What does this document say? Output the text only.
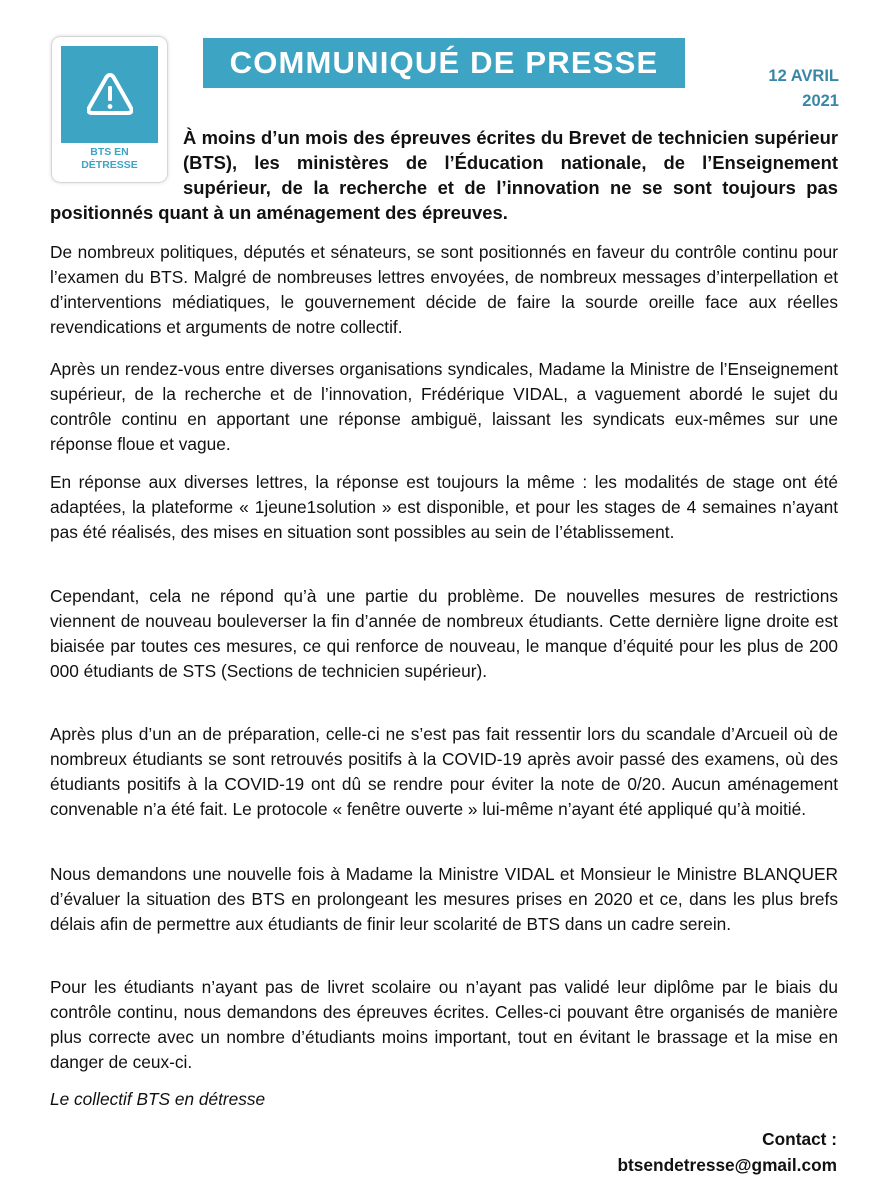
BTS EN
DÉTRESSE
COMMUNIQUÉ DE PRESSE	12 AVRIL
2021

À moins d’un mois des épreuves écrites du Brevet de technicien supérieur (BTS), les ministères de l’Éducation nationale, de l’Enseignement supérieur, de la recherche et de l’innovation ne se sont toujours pas positionnés quant à un aménagement des épreuves.

De nombreux politiques, députés et sénateurs, se sont positionnés en faveur du contrôle continu pour l’examen du BTS. Malgré de nombreuses lettres envoyées, de nombreux messages d’interpellation et d’interventions médiatiques, le gouvernement décide de faire la sourde oreille face aux réelles revendications et arguments de notre collectif.

Après un rendez-vous entre diverses organisations syndicales, Madame la Ministre de l’Enseignement supérieur, de la recherche et de l’innovation, Frédérique VIDAL, a vaguement abordé le sujet du contrôle continu en apportant une réponse ambiguë, laissant les syndicats eux-mêmes sur une réponse floue et vague.

En réponse aux diverses lettres, la réponse est toujours la même : les modalités de stage ont été adaptées, la plateforme « 1jeune1solution » est disponible, et pour les stages de 4 semaines n’ayant pas été réalisés, des mises en situation sont possibles au sein de l’établissement.

Cependant, cela ne répond qu’à une partie du problème. De nouvelles mesures de restrictions viennent de nouveau bouleverser la fin d’année de nombreux étudiants. Cette dernière ligne droite est biaisée par toutes ces mesures, ce qui renforce de nouveau, le manque d’équité pour les plus de 200 000 étudiants de STS (Sections de technicien supérieur).

Après plus d’un an de préparation, celle-ci ne s’est pas fait ressentir lors du scandale d’Arcueil où de nombreux étudiants se sont retrouvés positifs à la COVID-19 après avoir passé des examens, où des étudiants positifs à la COVID-19 ont dû se rendre pour éviter la note de 0/20. Aucun aménagement convenable n’a été fait. Le protocole « fenêtre ouverte » lui-même n’ayant été appliqué qu’à moitié.

Nous demandons une nouvelle fois à Madame la Ministre VIDAL et Monsieur le Ministre BLANQUER d’évaluer la situation des BTS en prolongeant les mesures prises en 2020 et ce, dans les plus brefs délais afin de permettre aux étudiants de finir leur scolarité de BTS dans un cadre serein.

Pour les étudiants n’ayant pas de livret scolaire ou n’ayant pas validé leur diplôme par le biais du contrôle continu, nous demandons des épreuves écrites. Celles-ci pouvant être organisés de manière plus correcte avec un nombre d’étudiants moins important, tout en évitant le brassage et la mise en danger de ceux-ci.

Le collectif BTS en détresse

Contact :
btsendetresse@gmail.com
